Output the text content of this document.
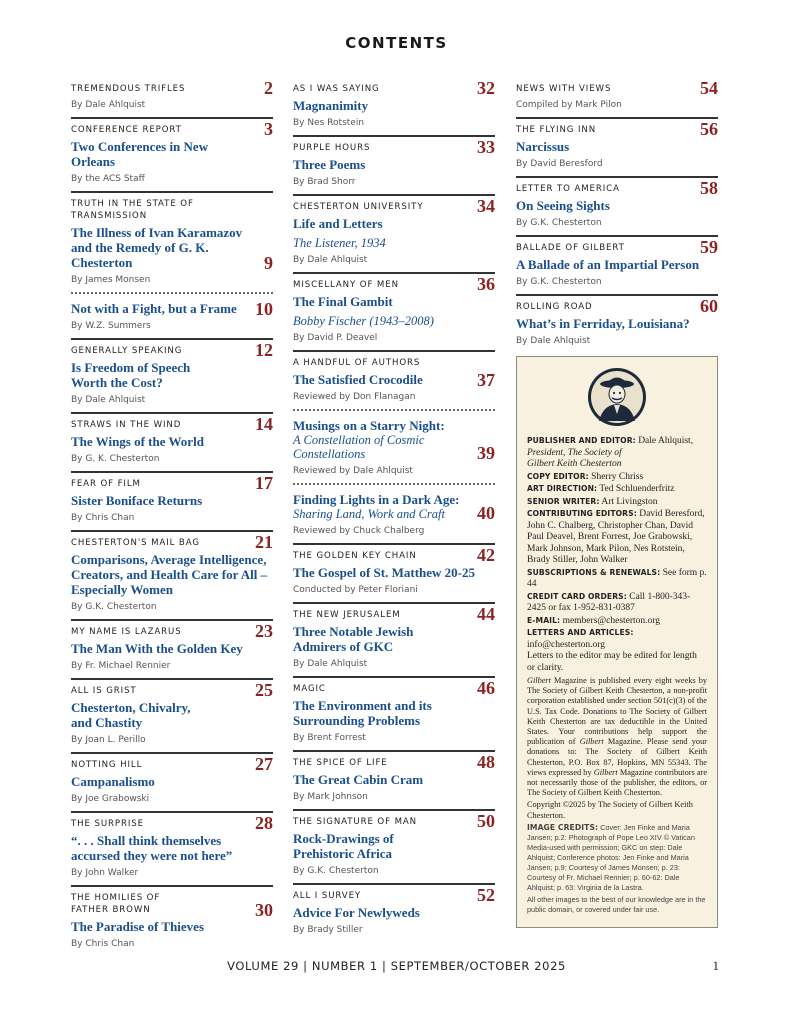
CONTENTS
TREMENDOUS TRIFLES	2
By Dale Ahlquist
CONFERENCE REPORT	3
Two Conferences in New Orleans
By the ACS Staff
TRUTH IN THE STATE OF TRANSMISSION
The Illness of Ivan Karamazov and the Remedy of G. K. Chesterton	9
By James Monsen
Not with a Fight, but a Frame	10
By W.Z. Summers
GENERALLY SPEAKING	12
Is Freedom of Speech Worth the Cost?
By Dale Ahlquist
STRAWS IN THE WIND	14
The Wings of the World
By G. K. Chesterton
FEAR OF FILM	17
Sister Boniface Returns
By Chris Chan
CHESTERTON'S MAIL BAG	21
Comparisons, Average Intelligence, Creators, and Health Care for All – Especially Women
By G.K. Chesterton
MY NAME IS LAZARUS	23
The Man With the Golden Key
By Fr. Michael Rennier
ALL IS GRIST	25
Chesterton, Chivalry, and Chastity
By Joan L. Perillo
NOTTING HILL	27
Campanalismo
By Joe Grabowski
THE SURPRISE	28
“. . . Shall think themselves accursed they were not here”
By John Walker
THE HOMILIES OF FATHER BROWN	30
The Paradise of Thieves
By Chris Chan
AS I WAS SAYING	32
Magnanimity
By Nes Rotstein
PURPLE HOURS	33
Three Poems
By Brad Shorr
CHESTERTON UNIVERSITY	34
Life and Letters
The Listener, 1934
By Dale Ahlquist
MISCELLANY OF MEN	36
The Final Gambit
Bobby Fischer (1943–2008)
By David P. Deavel
A HANDFUL OF AUTHORS
The Satisfied Crocodile	37
Reviewed by Don Flanagan
Musings on a Starry Night:
A Constellation of Cosmic Constellations	39
Reviewed by Dale Ahlquist
Finding Lights in a Dark Age:
Sharing Land, Work and Craft	40
Reviewed by Chuck Chalberg
THE GOLDEN KEY CHAIN	42
The Gospel of St. Matthew 20-25
Conducted by Peter Floriani
THE NEW JERUSALEM	44
Three Notable Jewish Admirers of GKC
By Dale Ahlquist
MAGIC	46
The Environment and its Surrounding Problems
By Brent Forrest
THE SPICE OF LIFE	48
The Great Cabin Cram
By Mark Johnson
THE SIGNATURE OF MAN	50
Rock-Drawings of Prehistoric Africa
By G.K. Chesterton
ALL I SURVEY	52
Advice For Newlyweds
By Brady Stiller
NEWS WITH VIEWS	54
Compiled by Mark Pilon
THE FLYING INN	56
Narcissus
By David Beresford
LETTER TO AMERICA	58
On Seeing Sights
By G.K. Chesterton
BALLADE OF GILBERT	59
A Ballade of an Impartial Person
By G.K. Chesterton
ROLLING ROAD	60
What’s in Ferriday, Louisiana?
By Dale Ahlquist
PUBLISHER AND EDITOR: Dale Ahlquist,
President, The Society of
Gilbert Keith Chesterton
COPY EDITOR: Sherry Chriss
ART DIRECTION: Ted Schluenderfritz
SENIOR WRITER: Art Livingston
CONTRIBUTING EDITORS: David Beresford, John C. Chalberg, Christopher Chan, David Paul Deavel, Brent Forrest, Joe Grabowski, Mark Johnson, Mark Pilon, Nes Rotstein, Brady Stiller, John Walker
SUBSCRIPTIONS & RENEWALS: See form p. 44
CREDIT CARD ORDERS: Call 1-800-343-2425 or fax 1-952-831-0387
E-MAIL: members@chesterton.org
LETTERS AND ARTICLES: info@chesterton.org
Letters to the editor may be edited for length or clarity.
Gilbert Magazine is published every eight weeks by The Society of Gilbert Keith Chesterton, a non-profit corporation established under section 501(c)(3) of the U.S. Tax Code. Donations to The Society of Gilbert Keith Chesterton are tax deductible in the United States. Your contributions help support the publication of Gilbert Magazine. Please send your donations to: The Society of Gilbert Keith Chesterton, P.O. Box 87, Hopkins, MN 55343. The views expressed by Gilbert Magazine contributors are not necessarily those of the publisher, the editors, or The Society of Gilbert Keith Chesterton.
Copyright ©2025 by The Society of Gilbert Keith Chesterton.
IMAGE CREDITS: Cover: Jen Finke and Maria Jansen; p.2: Photograph of Pope Leo XIV © Vatican Media-used with permission; GKC on step: Dale Ahlquist; Conference photos: Jen Finke and Maria Jansen; p.9: Courtesy of James Monsen; p. 23: Courtesy of Fr. Michael Rennier; p. 60-62: Dale Ahlquist; p. 63: Virginia de la Lastra.
All other images to the best of our knowledge are in the public domain, or covered under fair use.
VOLUME 29 | NUMBER 1 | SEPTEMBER/OCTOBER 2025	1
